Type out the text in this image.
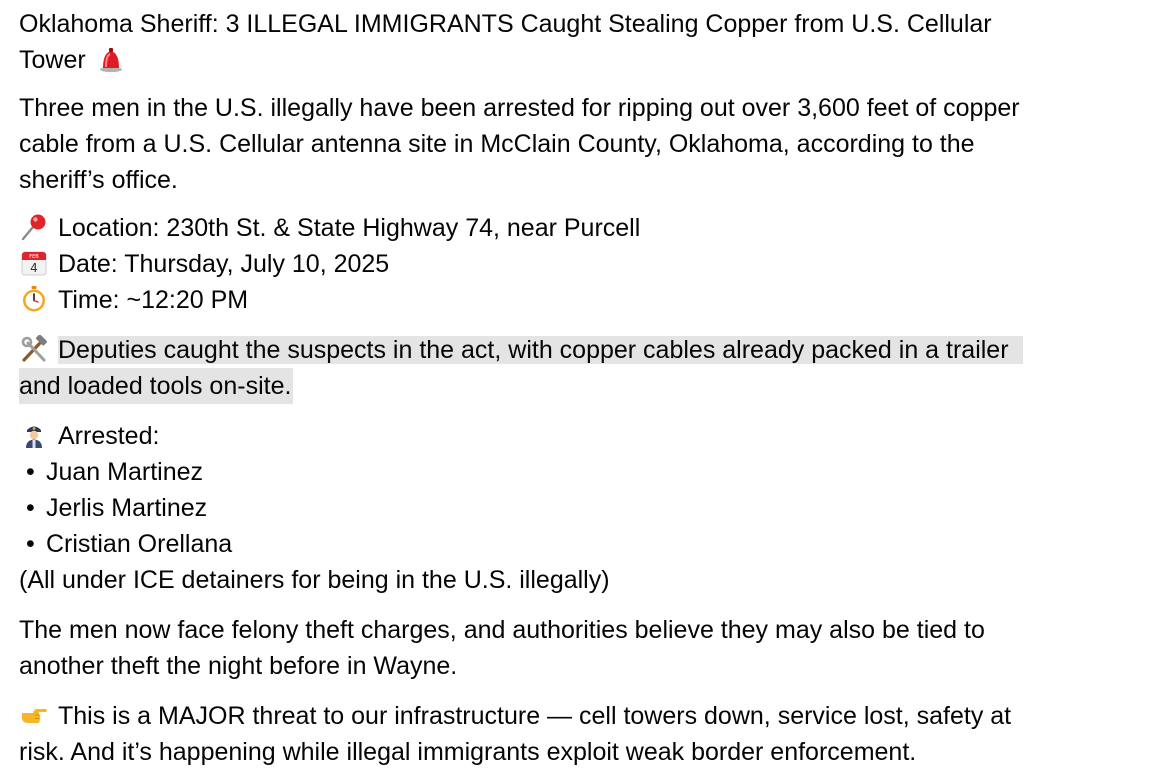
Oklahoma Sheriff: 3 ILLEGAL IMMIGRANTS Caught Stealing Copper from U.S. Cellular
Tower

Three men in the U.S. illegally have been arrested for ripping out over 3,600 feet of copper
cable from a U.S. Cellular antenna site in McClain County, Oklahoma, according to the
sheriff’s office.

Location: 230th St. & State Highway 74, near Purcell
FEB
4 Date: Thursday, July 10, 2025
Time: ~12:20 PM
Deputies caught the suspects in the act, with copper cables already packed in a trailer
and loaded tools on-site.
Arrested:
• Juan Martinez
• Jerlis Martinez
• Cristian Orellana
(All under ICE detainers for being in the U.S. illegally)

The men now face felony theft charges, and authorities believe they may also be tied to
another theft the night before in Wayne.

This is a MAJOR threat to our infrastructure — cell towers down, service lost, safety at
risk. And it’s happening while illegal immigrants exploit weak border enforcement.
